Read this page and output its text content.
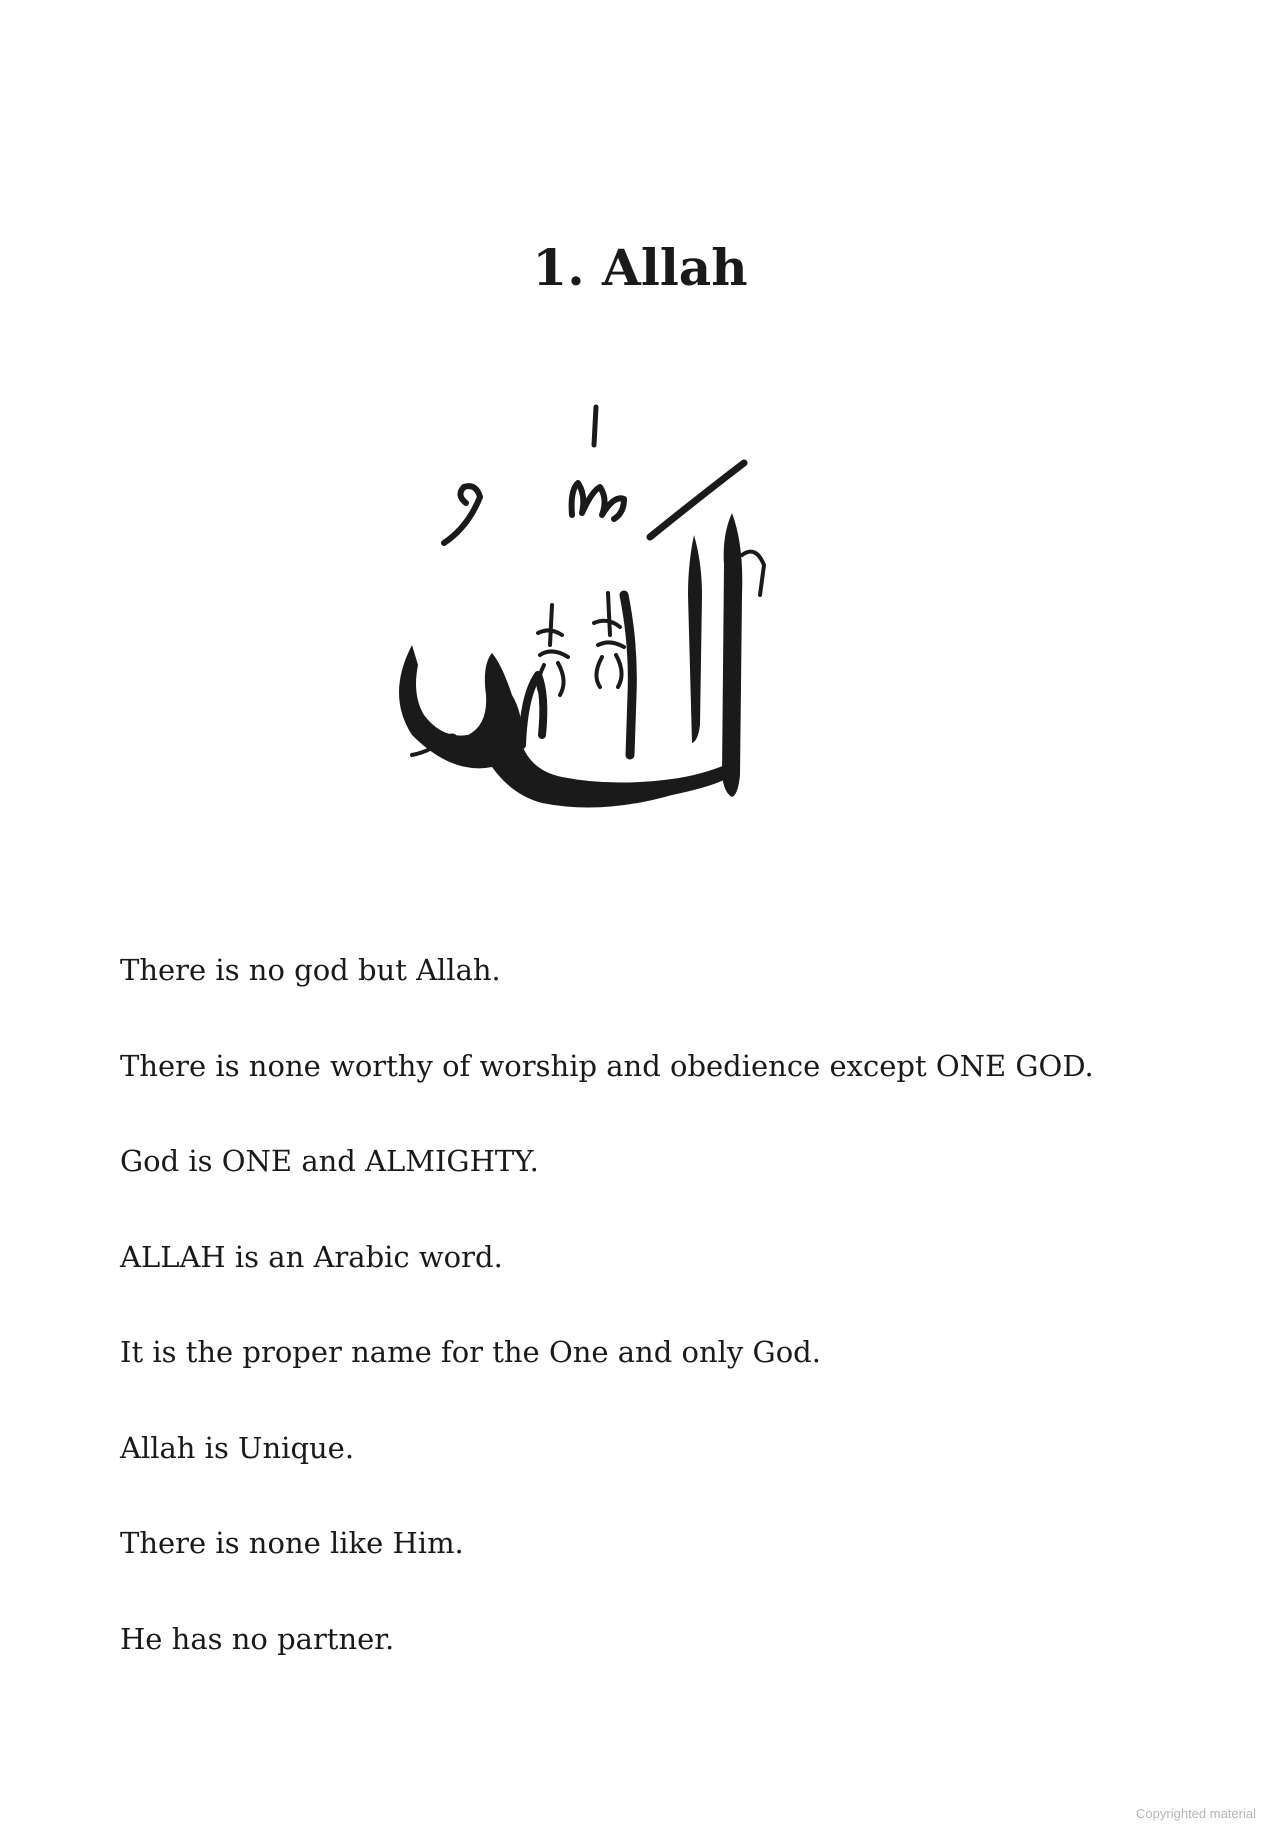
1. Allah
There is no god but Allah.
There is none worthy of worship and obedience except ONE GOD.
God is ONE and ALMIGHTY.
ALLAH is an Arabic word.
It is the proper name for the One and only God.
Allah is Unique.
There is none like Him.
He has no partner.
Copyrighted material
